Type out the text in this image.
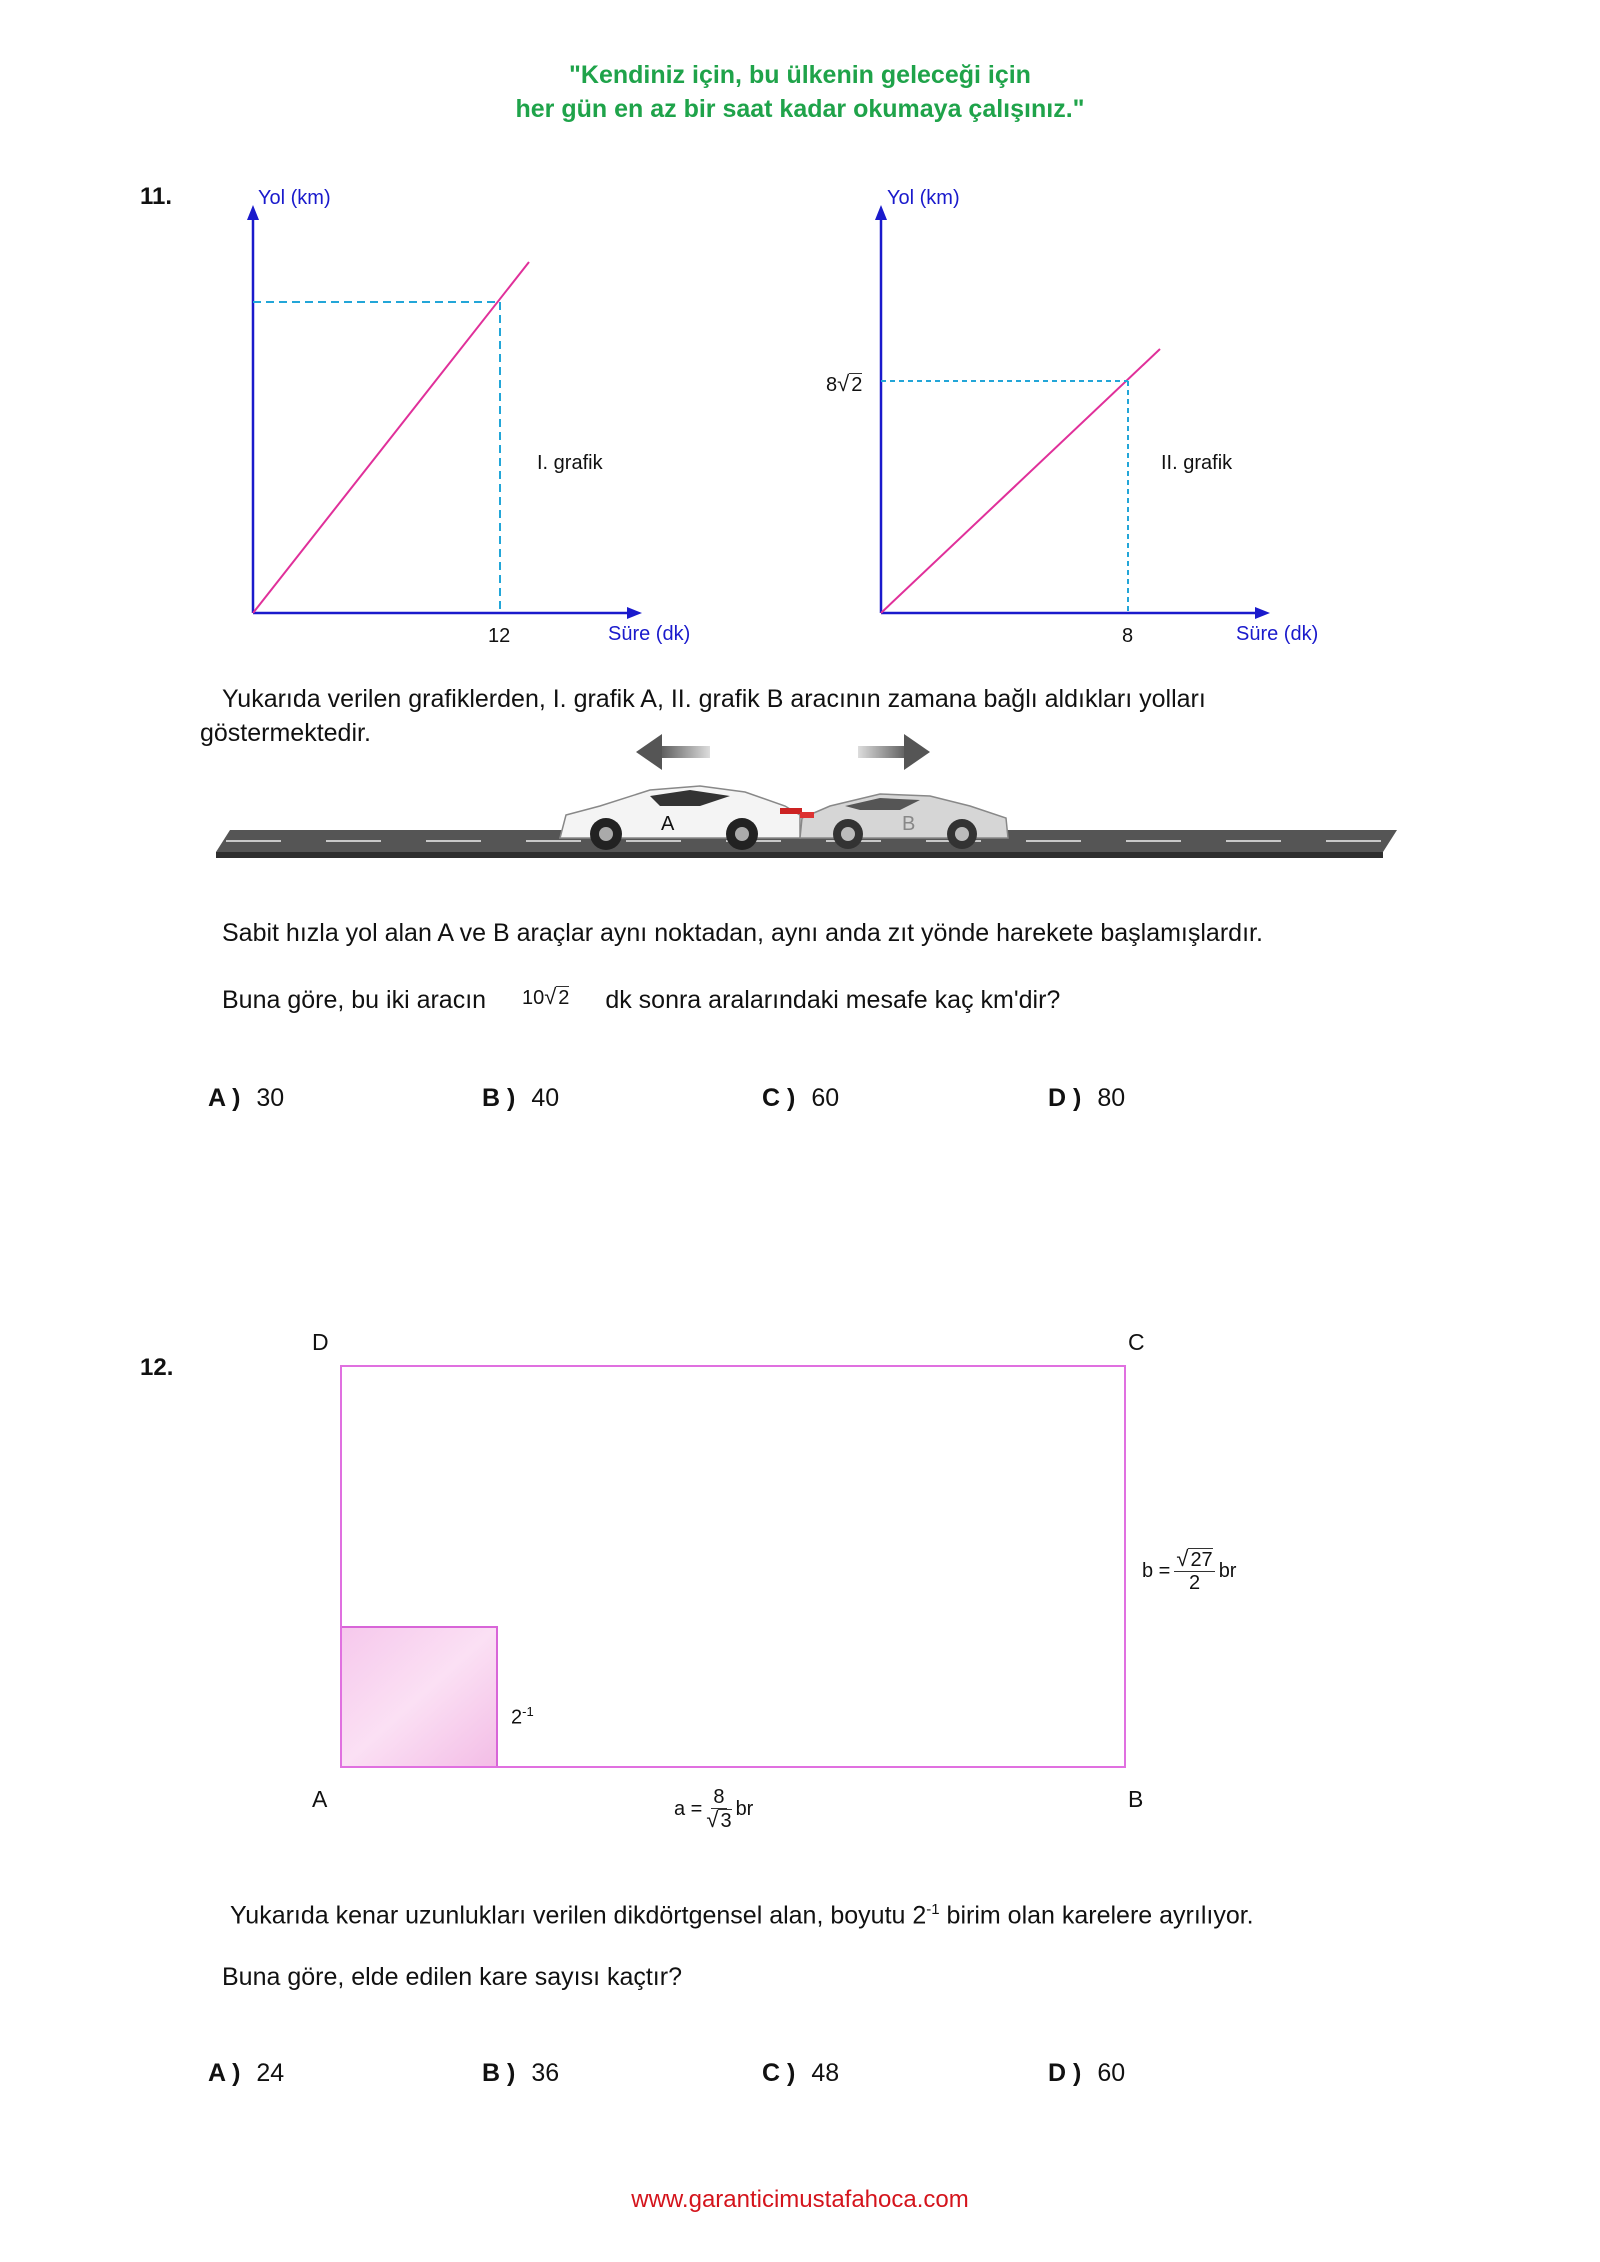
"Kendiniz için, bu ülkenin geleceği için
her gün en az bir saat kadar okumaya çalışınız."
11.	Yol (km)
Süre (dk)
12
I. grafik
Yol (km)
Süre (dk)
8
8√ 2
II. grafik
Yukarıda verilen grafiklerden, I. grafik A, II. grafik B aracının zamana bağlı aldıkları yolları
göstermektedir.
A	B
Sabit hızla yol alan A ve B araçlar aynı noktadan, aynı anda zıt yönde harekete başlamışlardır.
Buna göre, bu iki aracın 10√ 2 dk sonra aralarındaki mesafe kaç km'dir?
A ) 30	B ) 40	C ) 60	D ) 80
12.
D	C
A	B
$2^{-1}$
$b = \frac{√ 27}{2}$ br
$a = \frac{8}{√ 3}$ br
Yukarıda kenar uzunlukları verilen dikdörtgensel alan, boyutu $2^{-1}$ birim olan karelere ayrılıyor.
Buna göre, elde edilen kare sayısı kaçtır?
A ) 24	B ) 36	C ) 48	D ) 60
www.garanticimustafahoca.com
